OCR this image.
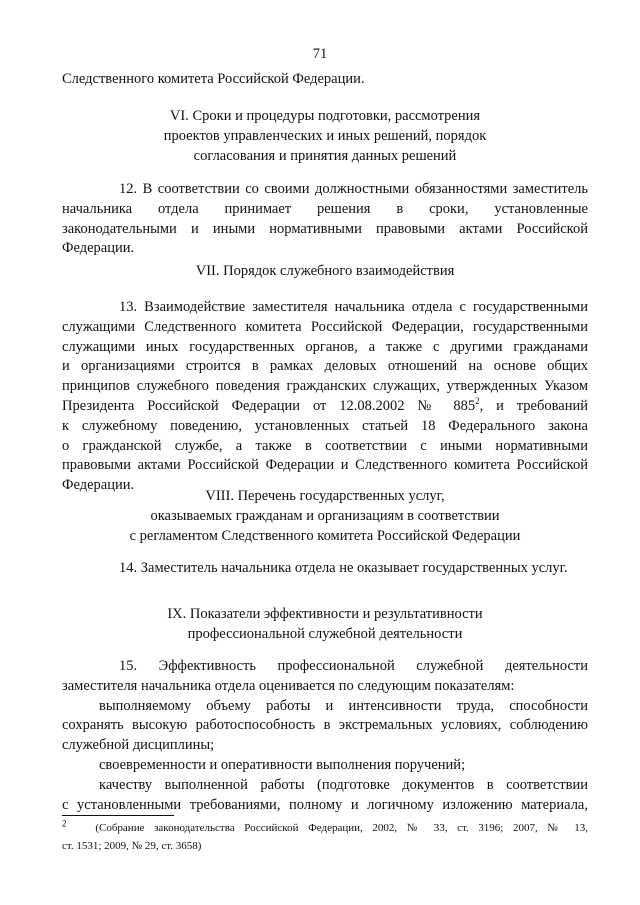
71
Следственного комитета Российской Федерации.
VI. Сроки и процедуры подготовки, рассмотрения
проектов управленческих и иных решений, порядок
согласования и принятия данных решений
12. В соответствии со своими должностными обязанностями заместитель
начальника отдела принимает решения в сроки, установленные
законодательными и иными нормативными правовыми актами Российской
Федерации.
VII. Порядок служебного взаимодействия
13. Взаимодействие заместителя начальника отдела с государственными
служащими Следственного комитета Российской Федерации, государственными
служащими иных государственных органов, а также с другими гражданами
и организациями строится в рамках деловых отношений на основе общих
принципов служебного поведения гражданских служащих, утвержденных Указом
Президента Российской Федерации от 12.08.2002 № $885^2$, и требований
к служебному поведению, установленных статьей 18 Федерального закона
о гражданской службе, а также в соответствии с иными нормативными
правовыми актами Российской Федерации и Следственного комитета Российской
Федерации.
VIII. Перечень государственных услуг,
оказываемых гражданам и организациям в соответствии
с регламентом Следственного комитета Российской Федерации
14. Заместитель начальника отдела не оказывает государственных услуг.
IX. Показатели эффективности и результативности
профессиональной служебной деятельности
15. Эффективность профессиональной служебной деятельности
заместителя начальника отдела оценивается по следующим показателям:
выполняемому объему работы и интенсивности труда, способности
сохранять высокую работоспособность в экстремальных условиях, соблюдению
служебной дисциплины;
своевременности и оперативности выполнения поручений;
качеству выполненной работы (подготовке документов в соответствии
с установленными требованиями, полному и логичному изложению материала,
$^2$	(Собрание законодательства Российской Федерации, 2002, № 33, ст. 3196; 2007, № 13,
ст. 1531; 2009, № 29, ст. 3658)
